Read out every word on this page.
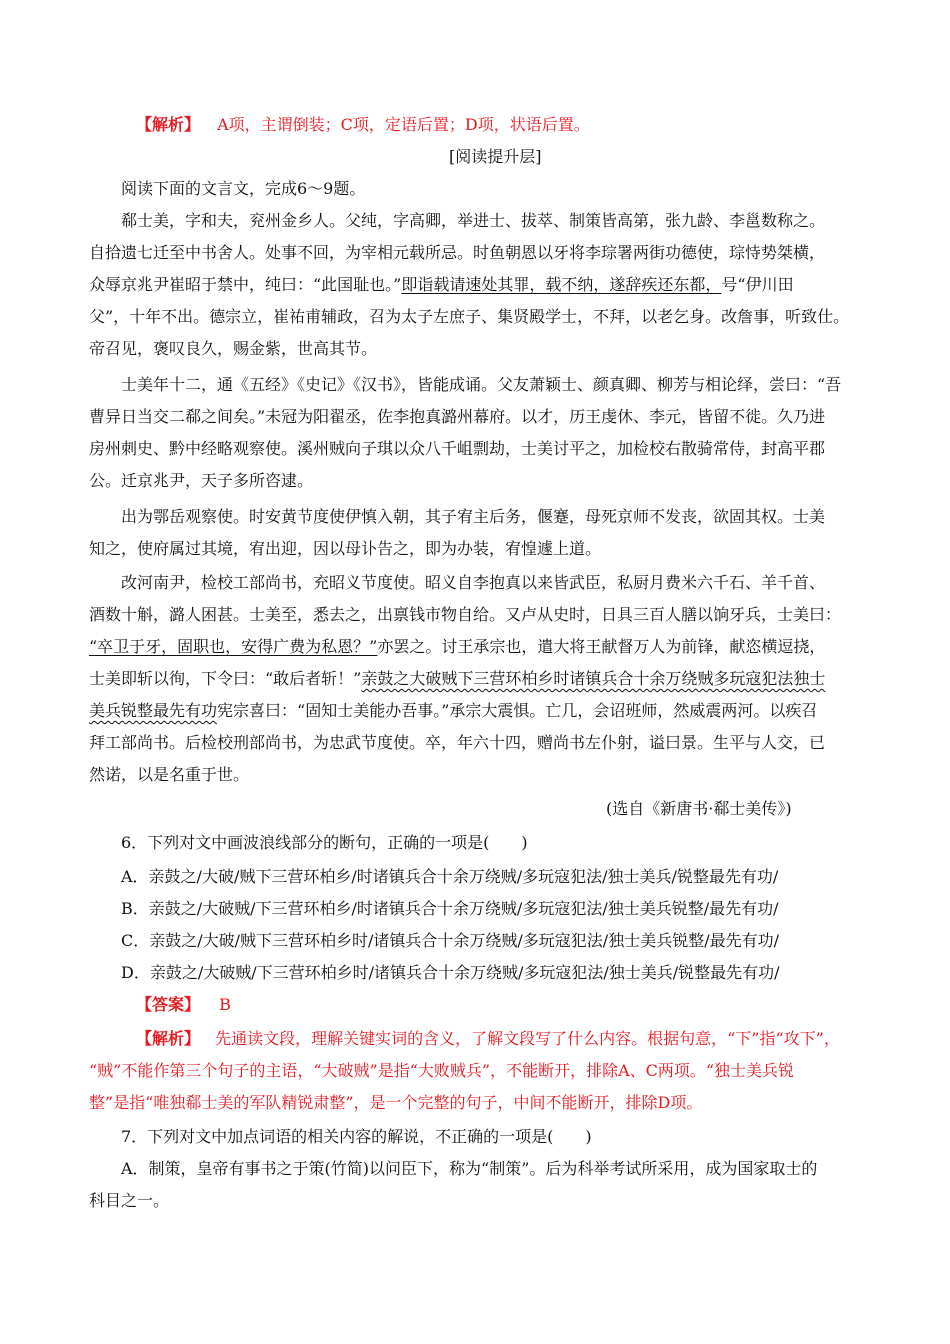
【解析】 A项，主谓倒装；C项，定语后置；D项，状语后置。
[阅读提升层]
阅读下面的文言文，完成6～9题。
郗士美，字和夫，兖州金乡人。父纯，字高卿，举进士、拔萃、制策皆高第，张九龄、李邕数称之。
自拾遗七迁至中书舍人。处事不回，为宰相元载所忌。时鱼朝恩以牙将李琮署两街功德使，琮恃势桀横，
众辱京兆尹崔昭于禁中，纯曰：“此国耻也。”即诣载请速处其罪，载不纳，遂辞疾还东都，号“伊川田
父”，十年不出。德宗立，崔祐甫辅政，召为太子左庶子、集贤殿学士，不拜，以老乞身。改詹事，听致仕。
帝召见，褒叹良久，赐金紫，世高其节。
士美年十二，通《五经》《史记》《汉书》，皆能成诵。父友萧颖士、颜真卿、柳芳与相论绎，尝曰：“吾
曹异日当交二郗之间矣。”未冠为阳翟丞，佐李抱真潞州幕府。以才，历王虔休、李元，皆留不徙。久乃进
房州刺史、黔中经略观察使。溪州贼向子琪以众八千岨剽劫，士美讨平之，加检校右散骑常侍，封高平郡
公。迁京兆尹，天子多所咨逮。
出为鄂岳观察使。时安黄节度使伊慎入朝，其子宥主后务，偃蹇，母死京师不发丧，欲固其权。士美
知之，使府属过其境，宥出迎，因以母讣告之，即为办装，宥惶遽上道。
改河南尹，检校工部尚书，充昭义节度使。昭义自李抱真以来皆武臣，私厨月费米六千石、羊千首、
酒数十斛，潞人困甚。士美至，悉去之，出禀钱市物自给。又卢从史时，日具三百人膳以饷牙兵，士美曰：
“卒卫于牙，固职也，安得广费为私恩？”亦罢之。讨王承宗也，遣大将王献督万人为前锋，献恣横逗挠，
士美即斩以徇，下令曰：“敢后者斩！”亲鼓之大破贼下三营环柏乡时诸镇兵合十余万绕贼多玩寇犯法独士
美兵锐整最先有功宪宗喜曰：“固知士美能办吾事。”承宗大震惧。亡几，会诏班师，然威震两河。以疾召
拜工部尚书。后检校刑部尚书，为忠武节度使。卒，年六十四，赠尚书左仆射，谥曰景。生平与人交，已
然诺，以是名重于世。
(选自《新唐书·郗士美传》)
6．下列对文中画波浪线部分的断句，正确的一项是(　　)
A．亲鼓之/大破/贼下三营环柏乡/时诸镇兵合十余万绕贼/多玩寇犯法/独士美兵/锐整最先有功/
B．亲鼓之/大破贼/下三营环柏乡/时诸镇兵合十余万绕贼/多玩寇犯法/独士美兵锐整/最先有功/
C．亲鼓之/大破/贼下三营环柏乡时/诸镇兵合十余万绕贼/多玩寇犯法/独士美兵锐整/最先有功/
D．亲鼓之/大破贼/下三营环柏乡时/诸镇兵合十余万绕贼/多玩寇犯法/独士美兵/锐整最先有功/
【答案】 B
【解析】 先通读文段，理解关键实词的含义，了解文段写了什么内容。根据句意，“下”指“攻下”，
“贼”不能作第三个句子的主语，“大破贼”是指“大败贼兵”，不能断开，排除A、C两项。“独士美兵锐
整”是指“唯独郗士美的军队精锐肃整”，是一个完整的句子，中间不能断开，排除D项。
7．下列对文中加点词语的相关内容的解说，不正确的一项是(　　)
A．制策，皇帝有事书之于策(竹简)以问臣下，称为“制策”。后为科举考试所采用，成为国家取士的
科目之一。
